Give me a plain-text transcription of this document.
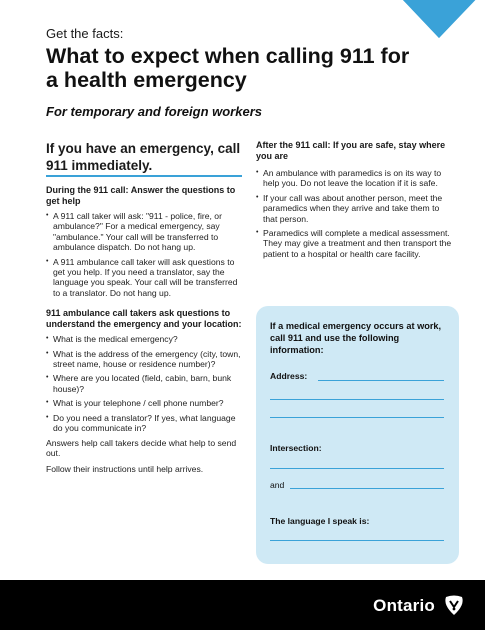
Get the facts:
What to expect when calling 911 for a health emergency
For temporary and foreign workers
If you have an emergency, call 911 immediately.
During the 911 call: Answer the questions to get help
• A 911 call taker will ask: "911 - police, fire, or ambulance?" For a medical emergency, say "ambulance." Your call will be transferred to ambulance dispatch. Do not hang up.
• A 911 ambulance call taker will ask questions to get you help. If you need a translator, say the language you speak. Your call will be transferred to a translator. Do not hang up.
911 ambulance call takers ask questions to understand the emergency and your location:
• What is the medical emergency?
• What is the address of the emergency (city, town, street name, house or residence number)?
• Where are you located (field, cabin, barn, bunk house)?
• What is your telephone / cell phone number?
• Do you need a translator? If yes, what language do you communicate in?

Answers help call takers decide what help to send out.

Follow their instructions until help arrives.

After the 911 call: If you are safe, stay where you are
• An ambulance with paramedics is on its way to help you. Do not leave the location if it is safe.
• If your call was about another person, meet the paramedics when they arrive and take them to that person.
• Paramedics will complete a medical assessment. They may give a treatment and then transport the patient to a hospital or health care facility.
If a medical emergency occurs at work, call 911 and use the following information:
Address:
Intersection:
and
The language I speak is:
Ontario
